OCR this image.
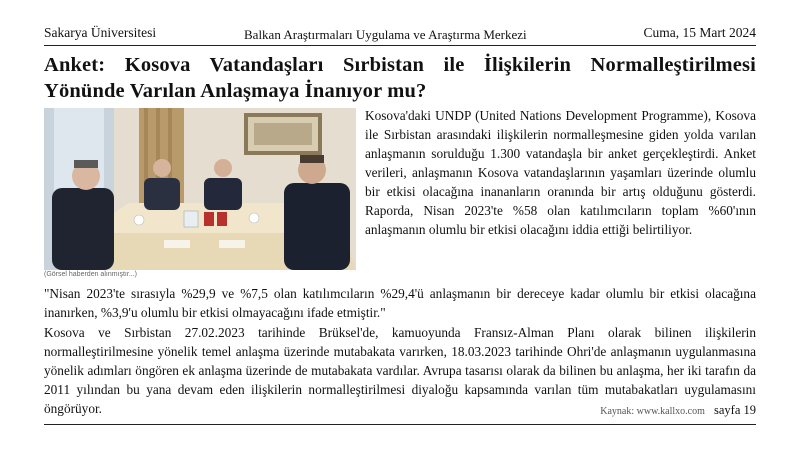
Sakarya Üniversitesi	Balkan Araştırmaları Uygulama ve Araştırma Merkezi	Cuma, 15 Mart 2024
Anket: Kosova Vatandaşları Sırbistan ile İlişkilerin Normalleştirilmesi Yönünde Varılan Anlaşmaya İnanıyor mu?
(Görsel haberden alınmıştır...)
Kosova'daki UNDP (United Nations Development Programme), Kosova ile Sırbistan arasındaki ilişkilerin normalleşmesine giden yolda varılan anlaşmanın sorulduğu 1.300 vatandaşla bir anket gerçekleştirdi. Anket verileri, anlaşmanın Kosova vatandaşlarının yaşamları üzerinde olumlu bir etkisi olacağına inananların oranında bir artış olduğunu gösterdi. Raporda, Nisan 2023'te %58 olan katılımcıların toplam %60'ının anlaşmanın olumlu bir etkisi olacağını iddia ettiği belirtiliyor.
"Nisan 2023'te sırasıyla %29,9 ve %7,5 olan katılımcıların %29,4'ü anlaşmanın bir dereceye kadar olumlu bir etkisi olacağına inanırken, %3,9'u olumlu bir etkisi olmayacağını ifade etmiştir."
Kosova ve Sırbistan 27.02.2023 tarihinde Brüksel'de, kamuoyunda Fransız-Alman Planı olarak bilinen ilişkilerin normalleştirilmesine yönelik temel anlaşma üzerinde mutabakata varırken, 18.03.2023 tarihinde Ohri'de anlaşmanın uygulanmasına yönelik adımları öngören ek anlaşma üzerinde de mutabakata vardılar. Avrupa tasarısı olarak da bilinen bu anlaşma, her iki tarafın da 2011 yılından bu yana devam eden ilişkilerin normalleştirilmesi diyaloğu kapsamında varılan tüm mutabakatları uygulamasını öngörüyor.	Kaynak: www.kallxo.com sayfa 19
